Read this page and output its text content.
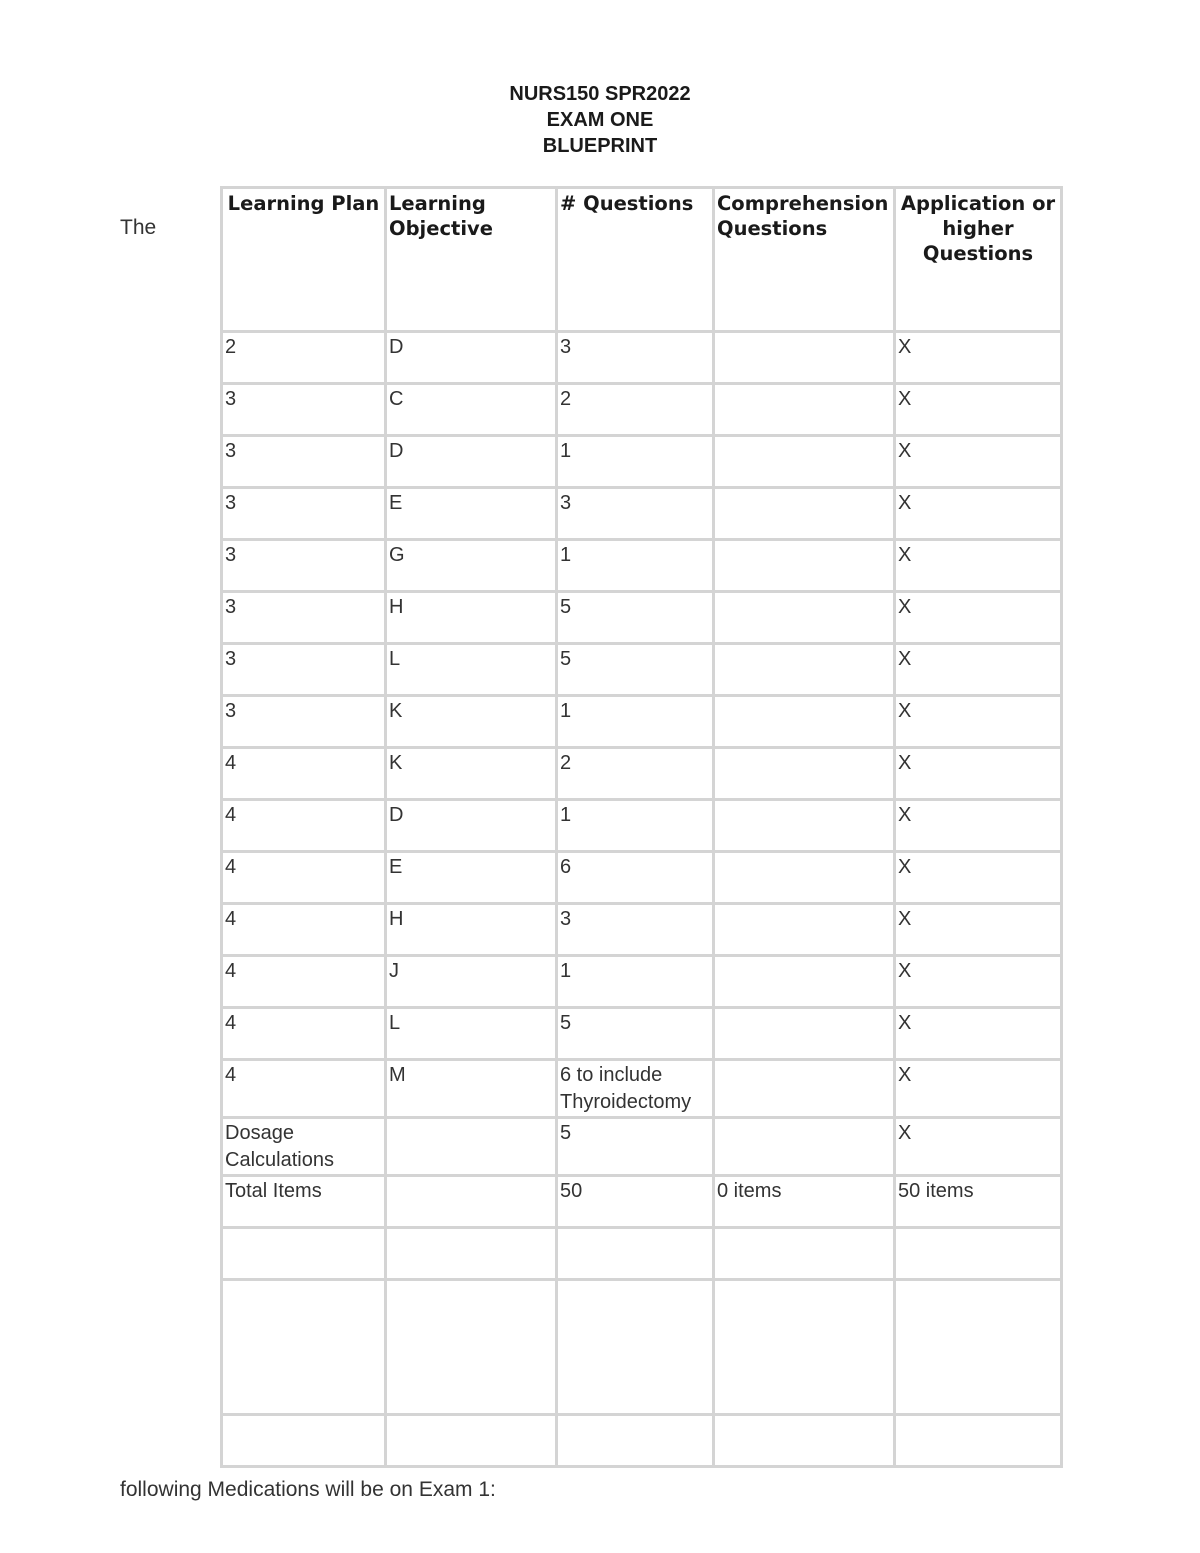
NURS150 SPR2022
EXAM ONE
BLUEPRINT
The
Learning Plan	Learning Objective	# Questions	Comprehension Questions	Application or higher Questions
2	D	3		X
3	C	2		X
3	D	1		X
3	E	3		X
3	G	1		X
3	H	5		X
3	L	5		X
3	K	1		X
4	K	2		X
4	D	1		X
4	E	6		X
4	H	3		X
4	J	1		X
4	L	5		X
4	M	6 to include Thyroidectomy		X
Dosage Calculations		5		X
Total Items		50	0 items	50 items

following Medications will be on Exam 1:
